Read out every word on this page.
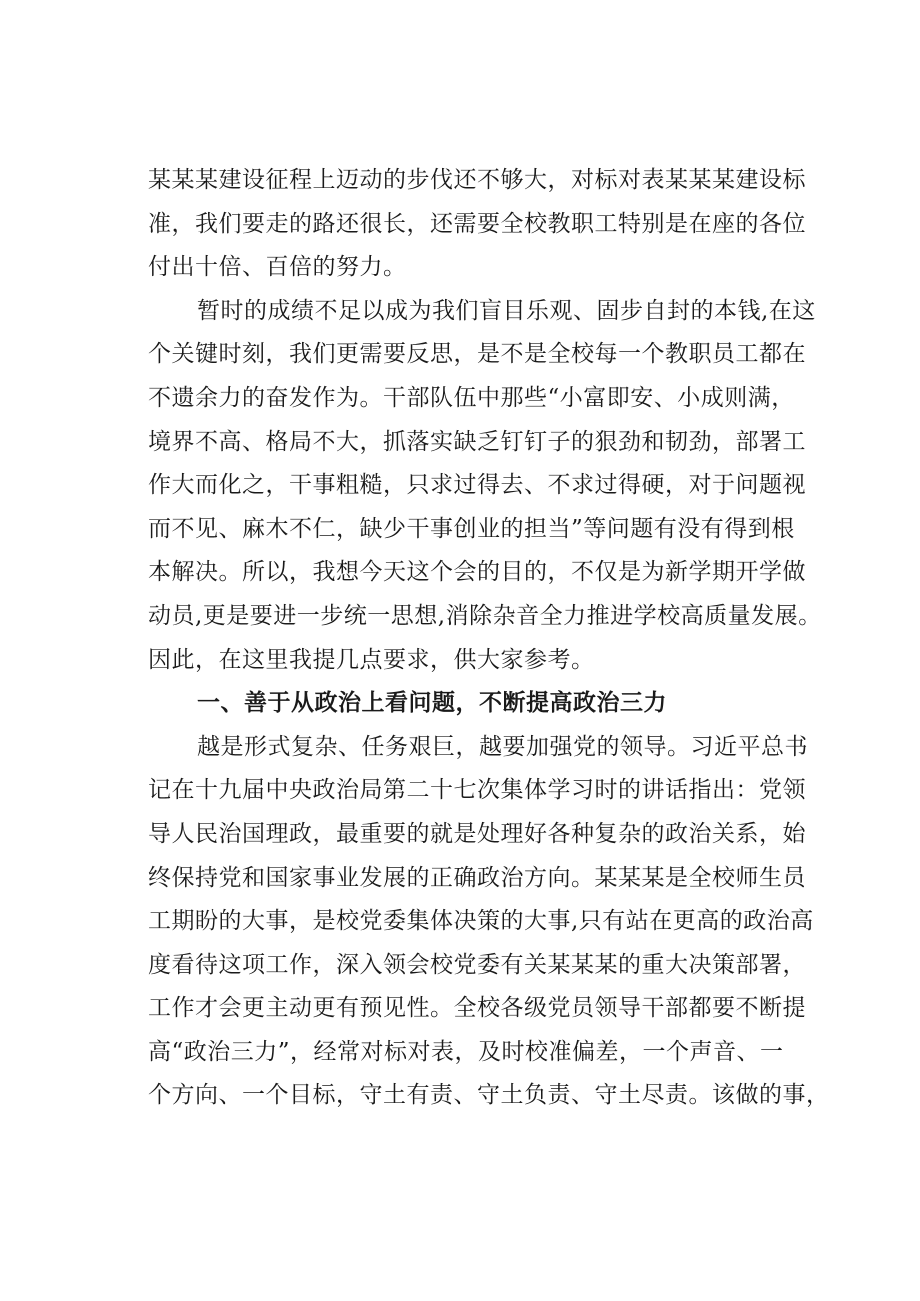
某某某建设征程上迈动的步伐还不够大，对标对表某某某建设标
准，我们要走的路还很长，还需要全校教职工特别是在座的各位
付出十倍、百倍的努力。
暂时的成绩不足以成为我们盲目乐观、固步自封的本钱,在这
个关键时刻，我们更需要反思，是不是全校每一个教职员工都在
不遗余力的奋发作为。干部队伍中那些“小富即安、小成则满，
境界不高、格局不大，抓落实缺乏钉钉子的狠劲和韧劲，部署工
作大而化之，干事粗糙，只求过得去、不求过得硬，对于问题视
而不见、麻木不仁，缺少干事创业的担当”等问题有没有得到根
本解决。所以，我想今天这个会的目的，不仅是为新学期开学做
动员,更是要进一步统一思想,消除杂音全力推进学校高质量发展。
因此，在这里我提几点要求，供大家参考。
一、善于从政治上看问题，不断提高政治三力
越是形式复杂、任务艰巨，越要加强党的领导。习近平总书
记在十九届中央政治局第二十七次集体学习时的讲话指出：党领
导人民治国理政，最重要的就是处理好各种复杂的政治关系，始
终保持党和国家事业发展的正确政治方向。某某某是全校师生员
工期盼的大事，是校党委集体决策的大事,只有站在更高的政治高
度看待这项工作，深入领会校党委有关某某某的重大决策部署，
工作才会更主动更有预见性。全校各级党员领导干部都要不断提
高“政治三力”，经常对标对表，及时校准偏差，一个声音、一
个方向、一个目标，守土有责、守土负责、守土尽责。该做的事，
